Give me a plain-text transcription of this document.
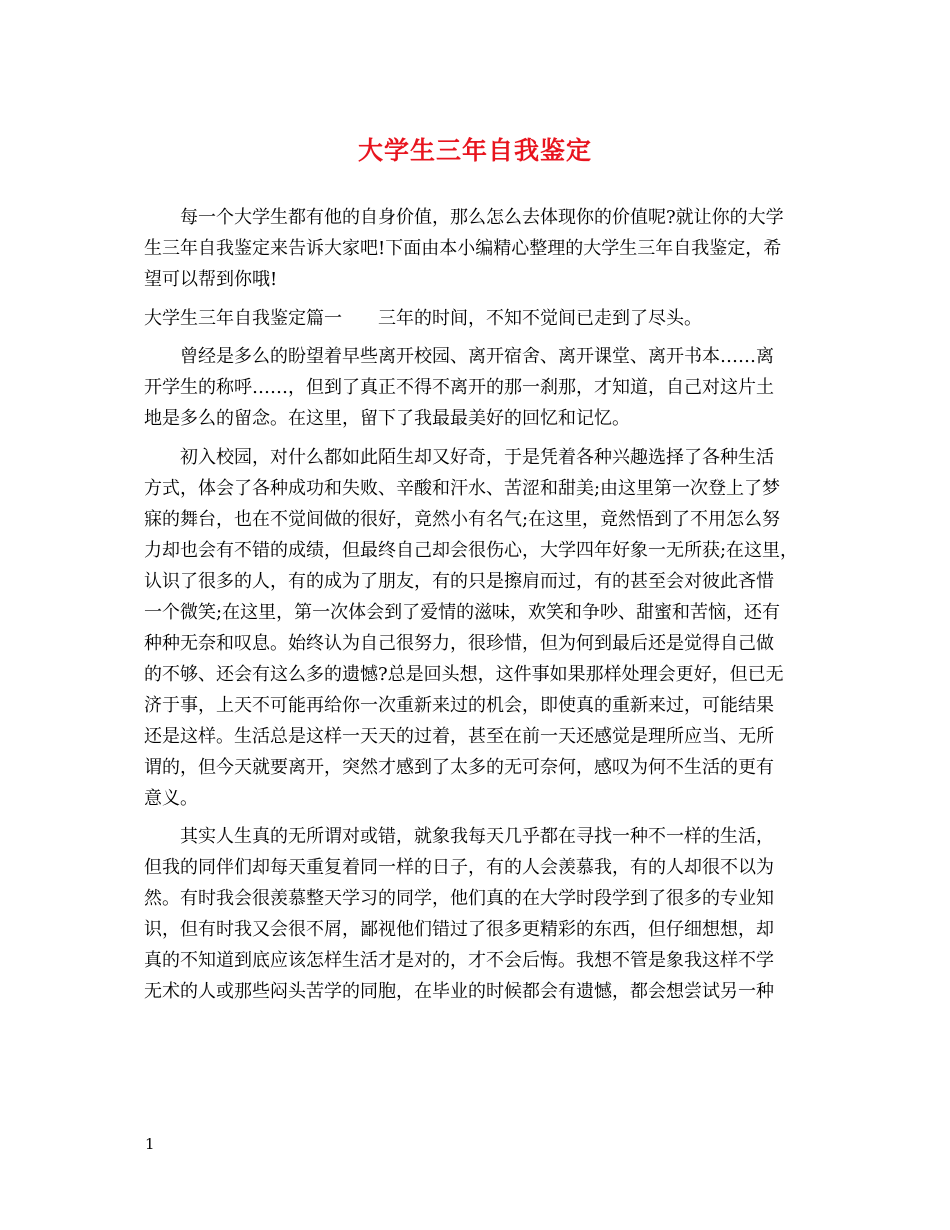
大学生三年自我鉴定

每一个大学生都有他的自身价值，那么怎么去体现你的价值呢?就让你的大学
生三年自我鉴定来告诉大家吧!下面由本小编精心整理的大学生三年自我鉴定，希
望可以帮到你哦!

大学生三年自我鉴定篇一 三年的时间，不知不觉间已走到了尽头。

曾经是多么的盼望着早些离开校园、离开宿舍、离开课堂、离开书本……离
开学生的称呼……，但到了真正不得不离开的那一刹那，才知道，自己对这片土
地是多么的留念。在这里，留下了我最最美好的回忆和记忆。

初入校园，对什么都如此陌生却又好奇，于是凭着各种兴趣选择了各种生活
方式，体会了各种成功和失败、辛酸和汗水、苦涩和甜美;由这里第一次登上了梦
寐的舞台，也在不觉间做的很好，竟然小有名气;在这里，竟然悟到了不用怎么努
力却也会有不错的成绩，但最终自己却会很伤心，大学四年好象一无所获;在这里，
认识了很多的人，有的成为了朋友，有的只是擦肩而过，有的甚至会对彼此吝惜
一个微笑;在这里，第一次体会到了爱情的滋味，欢笑和争吵、甜蜜和苦恼，还有
种种无奈和叹息。始终认为自己很努力，很珍惜，但为何到最后还是觉得自己做
的不够、还会有这么多的遗憾?总是回头想，这件事如果那样处理会更好，但已无
济于事，上天不可能再给你一次重新来过的机会，即使真的重新来过，可能结果
还是这样。生活总是这样一天天的过着，甚至在前一天还感觉是理所应当、无所
谓的，但今天就要离开，突然才感到了太多的无可奈何，感叹为何不生活的更有
意义。

其实人生真的无所谓对或错，就象我每天几乎都在寻找一种不一样的生活，
但我的同伴们却每天重复着同一样的日子，有的人会羡慕我，有的人却很不以为
然。有时我会很羡慕整天学习的同学，他们真的在大学时段学到了很多的专业知
识，但有时我又会很不屑，鄙视他们错过了很多更精彩的东西，但仔细想想，却
真的不知道到底应该怎样生活才是对的，才不会后悔。我想不管是象我这样不学
无术的人或那些闷头苦学的同胞，在毕业的时候都会有遗憾，都会想尝试另一种

1
